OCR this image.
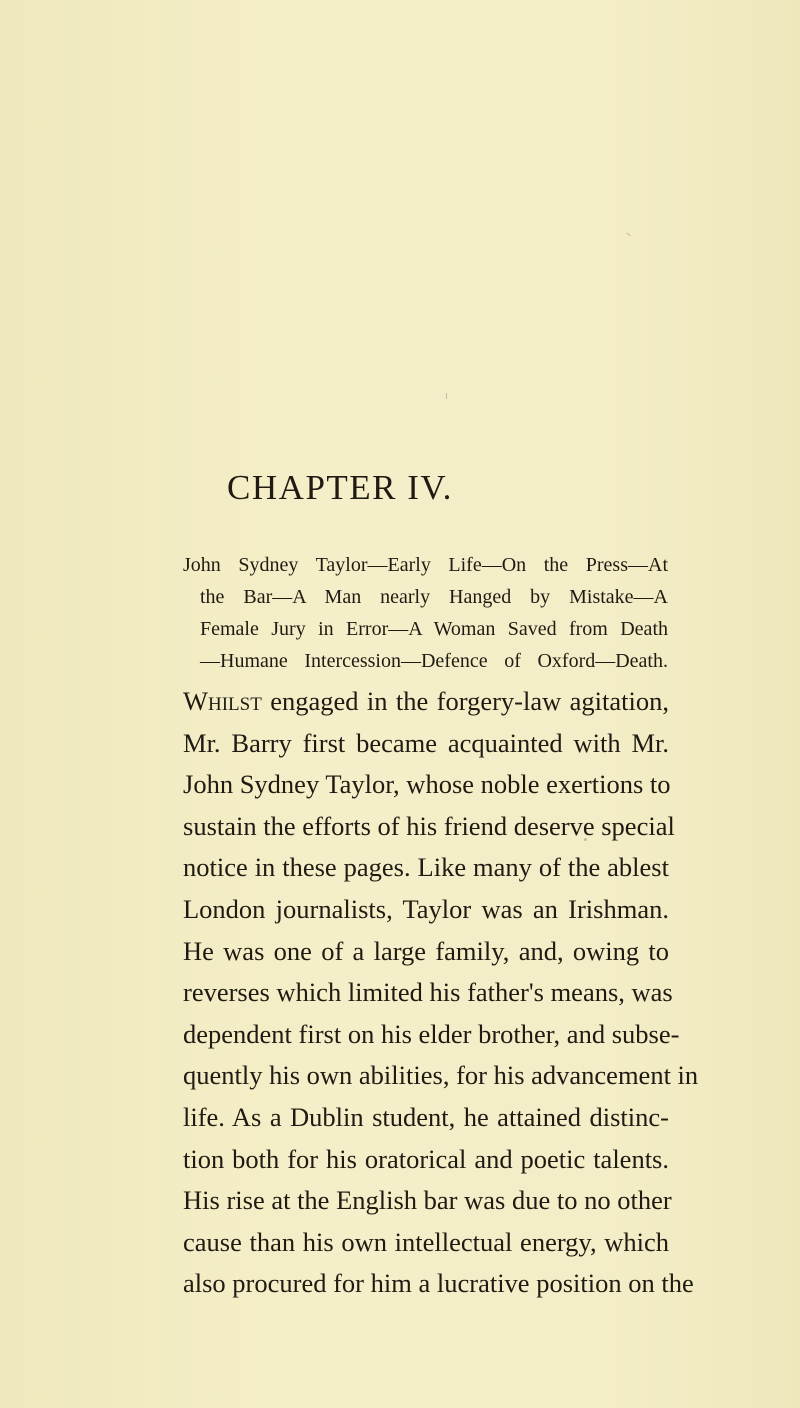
CHAPTER IV.

John Sydney Taylor—Early Life—On the Press—At
the Bar—A Man nearly Hanged by Mistake—A
Female Jury in Error—A Woman Saved from Death
—Humane Intercession—Defence of Oxford—Death.

Whilst engaged in the forgery-law agitation,
Mr. Barry first became acquainted with Mr.
John Sydney Taylor, whose noble exertions to
sustain the efforts of his friend deserve special
notice in these pages. Like many of the ablest
London journalists, Taylor was an Irishman.
He was one of a large family, and, owing to
reverses which limited his father's means, was
dependent first on his elder brother, and subse-
quently his own abilities, for his advancement in
life. As a Dublin student, he attained distinc-
tion both for his oratorical and poetic talents.
His rise at the English bar was due to no other
cause than his own intellectual energy, which
also procured for him a lucrative position on the
